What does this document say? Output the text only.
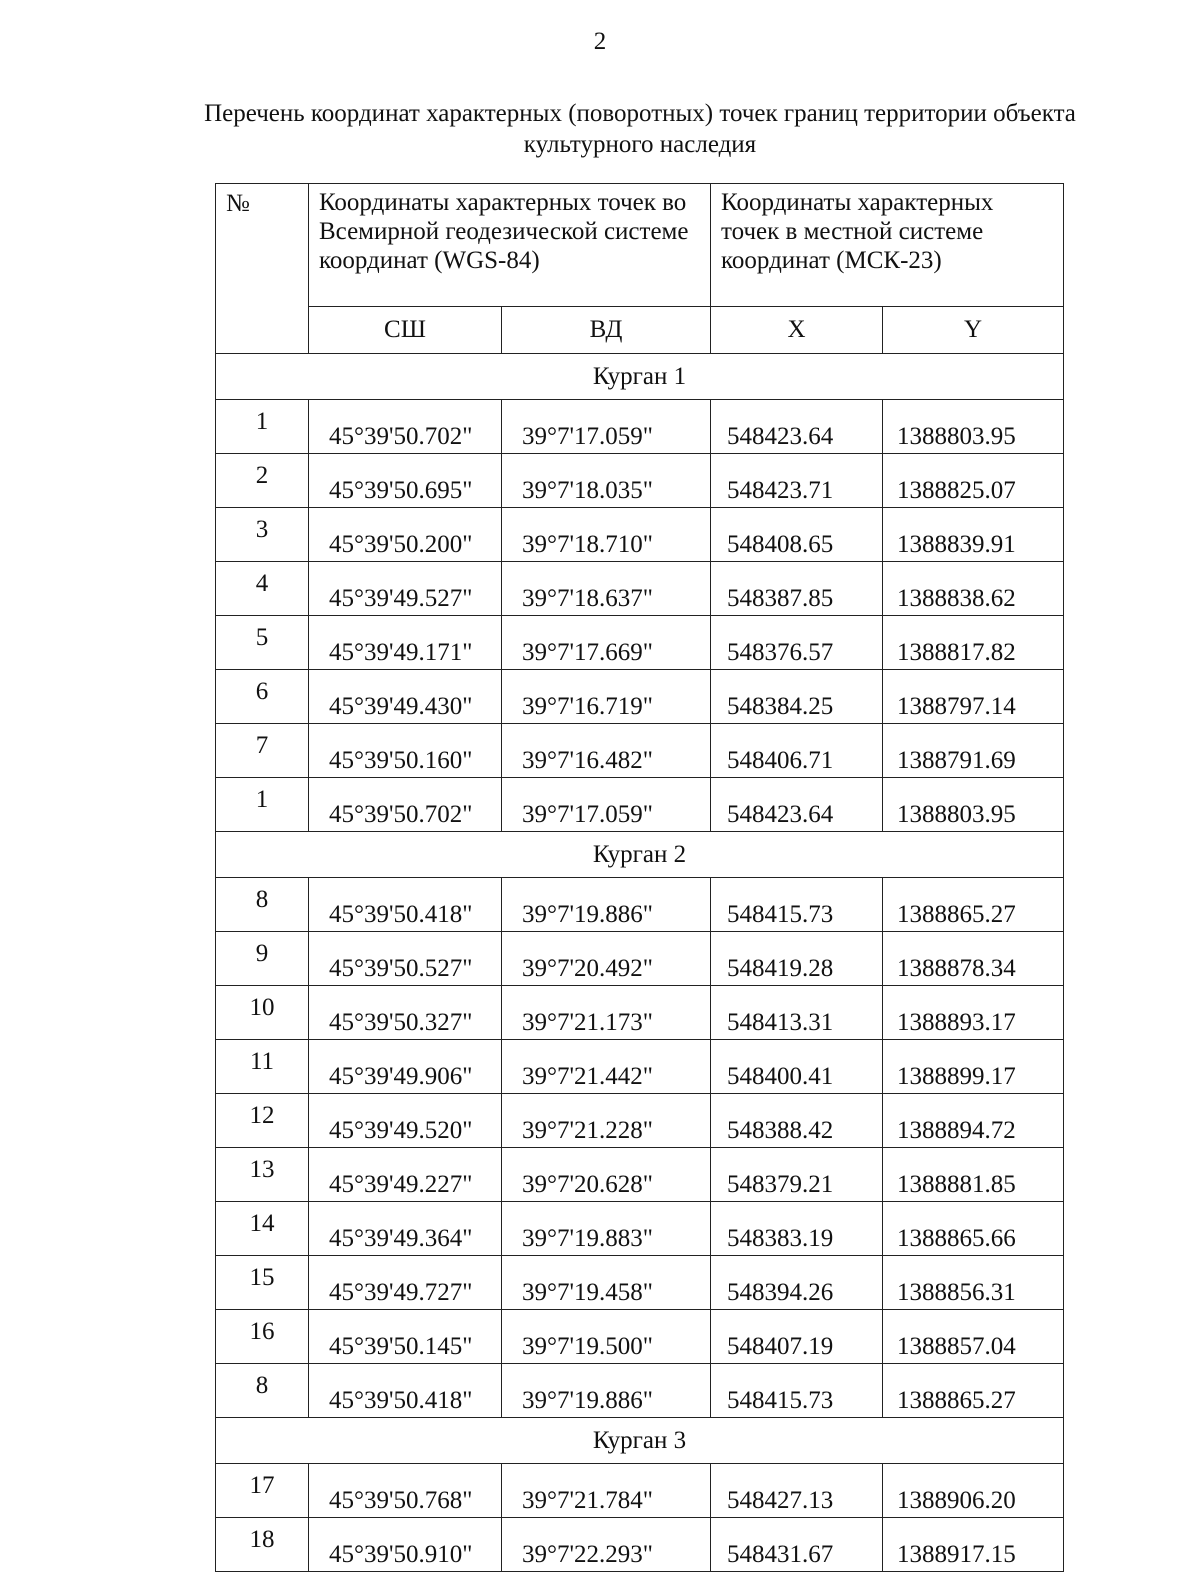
2
Перечень координат характерных (поворотных) точек границ территории объекта культурного наследия
№	Координаты характерных точек во Всемирной геодезической системе координат (WGS-84)		Координаты характерных точек в местной системе координат (МСК-23)	
	СШ	ВД	X	Y
Курган 1				
1	45°39'50.702"	39°7'17.059"	548423.64	1388803.95
2	45°39'50.695"	39°7'18.035"	548423.71	1388825.07
3	45°39'50.200"	39°7'18.710"	548408.65	1388839.91
4	45°39'49.527"	39°7'18.637"	548387.85	1388838.62
5	45°39'49.171"	39°7'17.669"	548376.57	1388817.82
6	45°39'49.430"	39°7'16.719"	548384.25	1388797.14
7	45°39'50.160"	39°7'16.482"	548406.71	1388791.69
1	45°39'50.702"	39°7'17.059"	548423.64	1388803.95
Курган 2				
8	45°39'50.418"	39°7'19.886"	548415.73	1388865.27
9	45°39'50.527"	39°7'20.492"	548419.28	1388878.34
10	45°39'50.327"	39°7'21.173"	548413.31	1388893.17
11	45°39'49.906"	39°7'21.442"	548400.41	1388899.17
12	45°39'49.520"	39°7'21.228"	548388.42	1388894.72
13	45°39'49.227"	39°7'20.628"	548379.21	1388881.85
14	45°39'49.364"	39°7'19.883"	548383.19	1388865.66
15	45°39'49.727"	39°7'19.458"	548394.26	1388856.31
16	45°39'50.145"	39°7'19.500"	548407.19	1388857.04
8	45°39'50.418"	39°7'19.886"	548415.73	1388865.27
Курган 3				
17	45°39'50.768"	39°7'21.784"	548427.13	1388906.20
18	45°39'50.910"	39°7'22.293"	548431.67	1388917.15
